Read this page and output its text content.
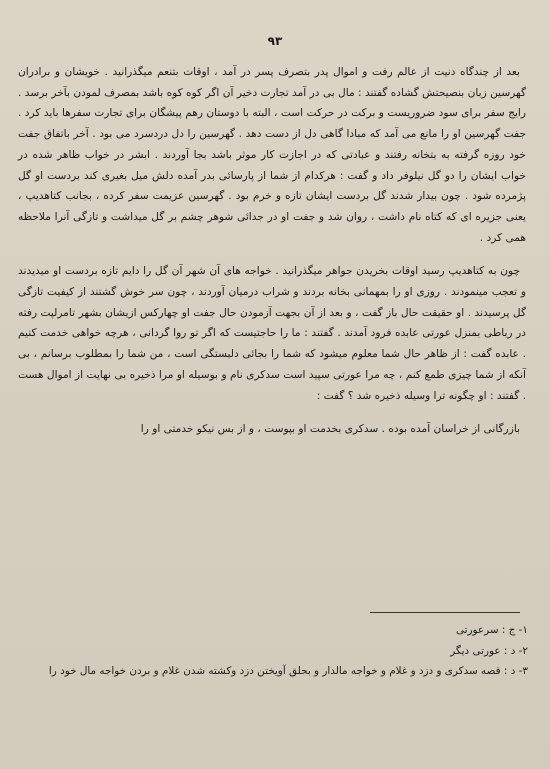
۹۳

بعد از چندگاه دنیت از عالم رفت و اموال پدر بتصرف پسر در آمد ، اوقات بتنعم میگذرانید . خویشان و برادران گهرسین زبان بنصیحتش گشاده گفتند : مال بی در آمد تجارت دخیر آن اگر کوه کوه باشد بمصرف لمودن بآخر برسد . رایج سفر برای سود ضروریست و برکت در حرکت است ، البته با دوستان رهم پیشگان برای تجارت سفرها باید کرد . جفت گهرسین او را مانع می آمد که مبادا گاهی دل از دست دهد . گهرسین را دل دردسرد می بود . آخر باتفاق جفت خود روزه گرفته به بتخانه رفتند و عبادتی که در اجازت کار موثر باشد بجا آوردند . ابشر در خواب ظاهر شده در خواب ایشان را دو گل نیلوفر داد و گفت : هرکدام از شما از پارسائی بدر آمده دلش میل بغیری کند بردست او گل پژمرده شود . چون بیدار شدند گل بردست ایشان تازه و خرم بود . گهرسین عزیمت سفر کرده ، بجانب کتاهدیپ ، یعنی جزیره ای که کتاه نام داشت ، روان شد و جفت او در جدائی شوهر چشم بر گل میداشت و تازگی آنرا ملاحظه همی کرد .

چون به کتاهدیپ رسید اوقات بخریدن جواهر میگذرانید . خواجه های آن شهر آن گل را دایم تازه بردست او میدیدند و تعجب مینمودند . روزی او را بمهمانی بخانه بردند و شراب درمیان آوردند ، چون سر خوش گشتند از کیفیت تازگی گل پرسیدند . او حقیقت حال باز گفت ، و بعد از آن بجهت آزمودن حال جفت او چهارکس ازیشان بشهر تامرلپت رفته در رباطی بمنزل عورتی عابده فرود آمدند . گفتند : ما را حاجتیست که اگر تو روا گردانی ، هرچه خواهی خدمت کنیم . عابده گفت : از ظاهر حال شما معلوم میشود که شما را بجائی دلبستگی است ، من شما را بمطلوب برسانم ، بی آنکه از شما چیزی طمع کنم ، چه مرا عورتی سپید است سدکری نام و بوسیله او مرا ذخیره بی نهایت از اموال هست . گفتند : او چگونه ترا وسیله ذخیره شد ؟ گفت :

بازرگانی از خراسان آمده بوده . سدکری بخدمت او بپوست ، و از بس نیکو خدمتی او را

۱- ج : سرعورتی

۲- د : عورتی دیگر

۳- د : قصه سدکری و دزد و غلام و خواجه مالدار و بحلق آویختن دزد وکشته شدن غلام و بردن خواجه مال خود را
